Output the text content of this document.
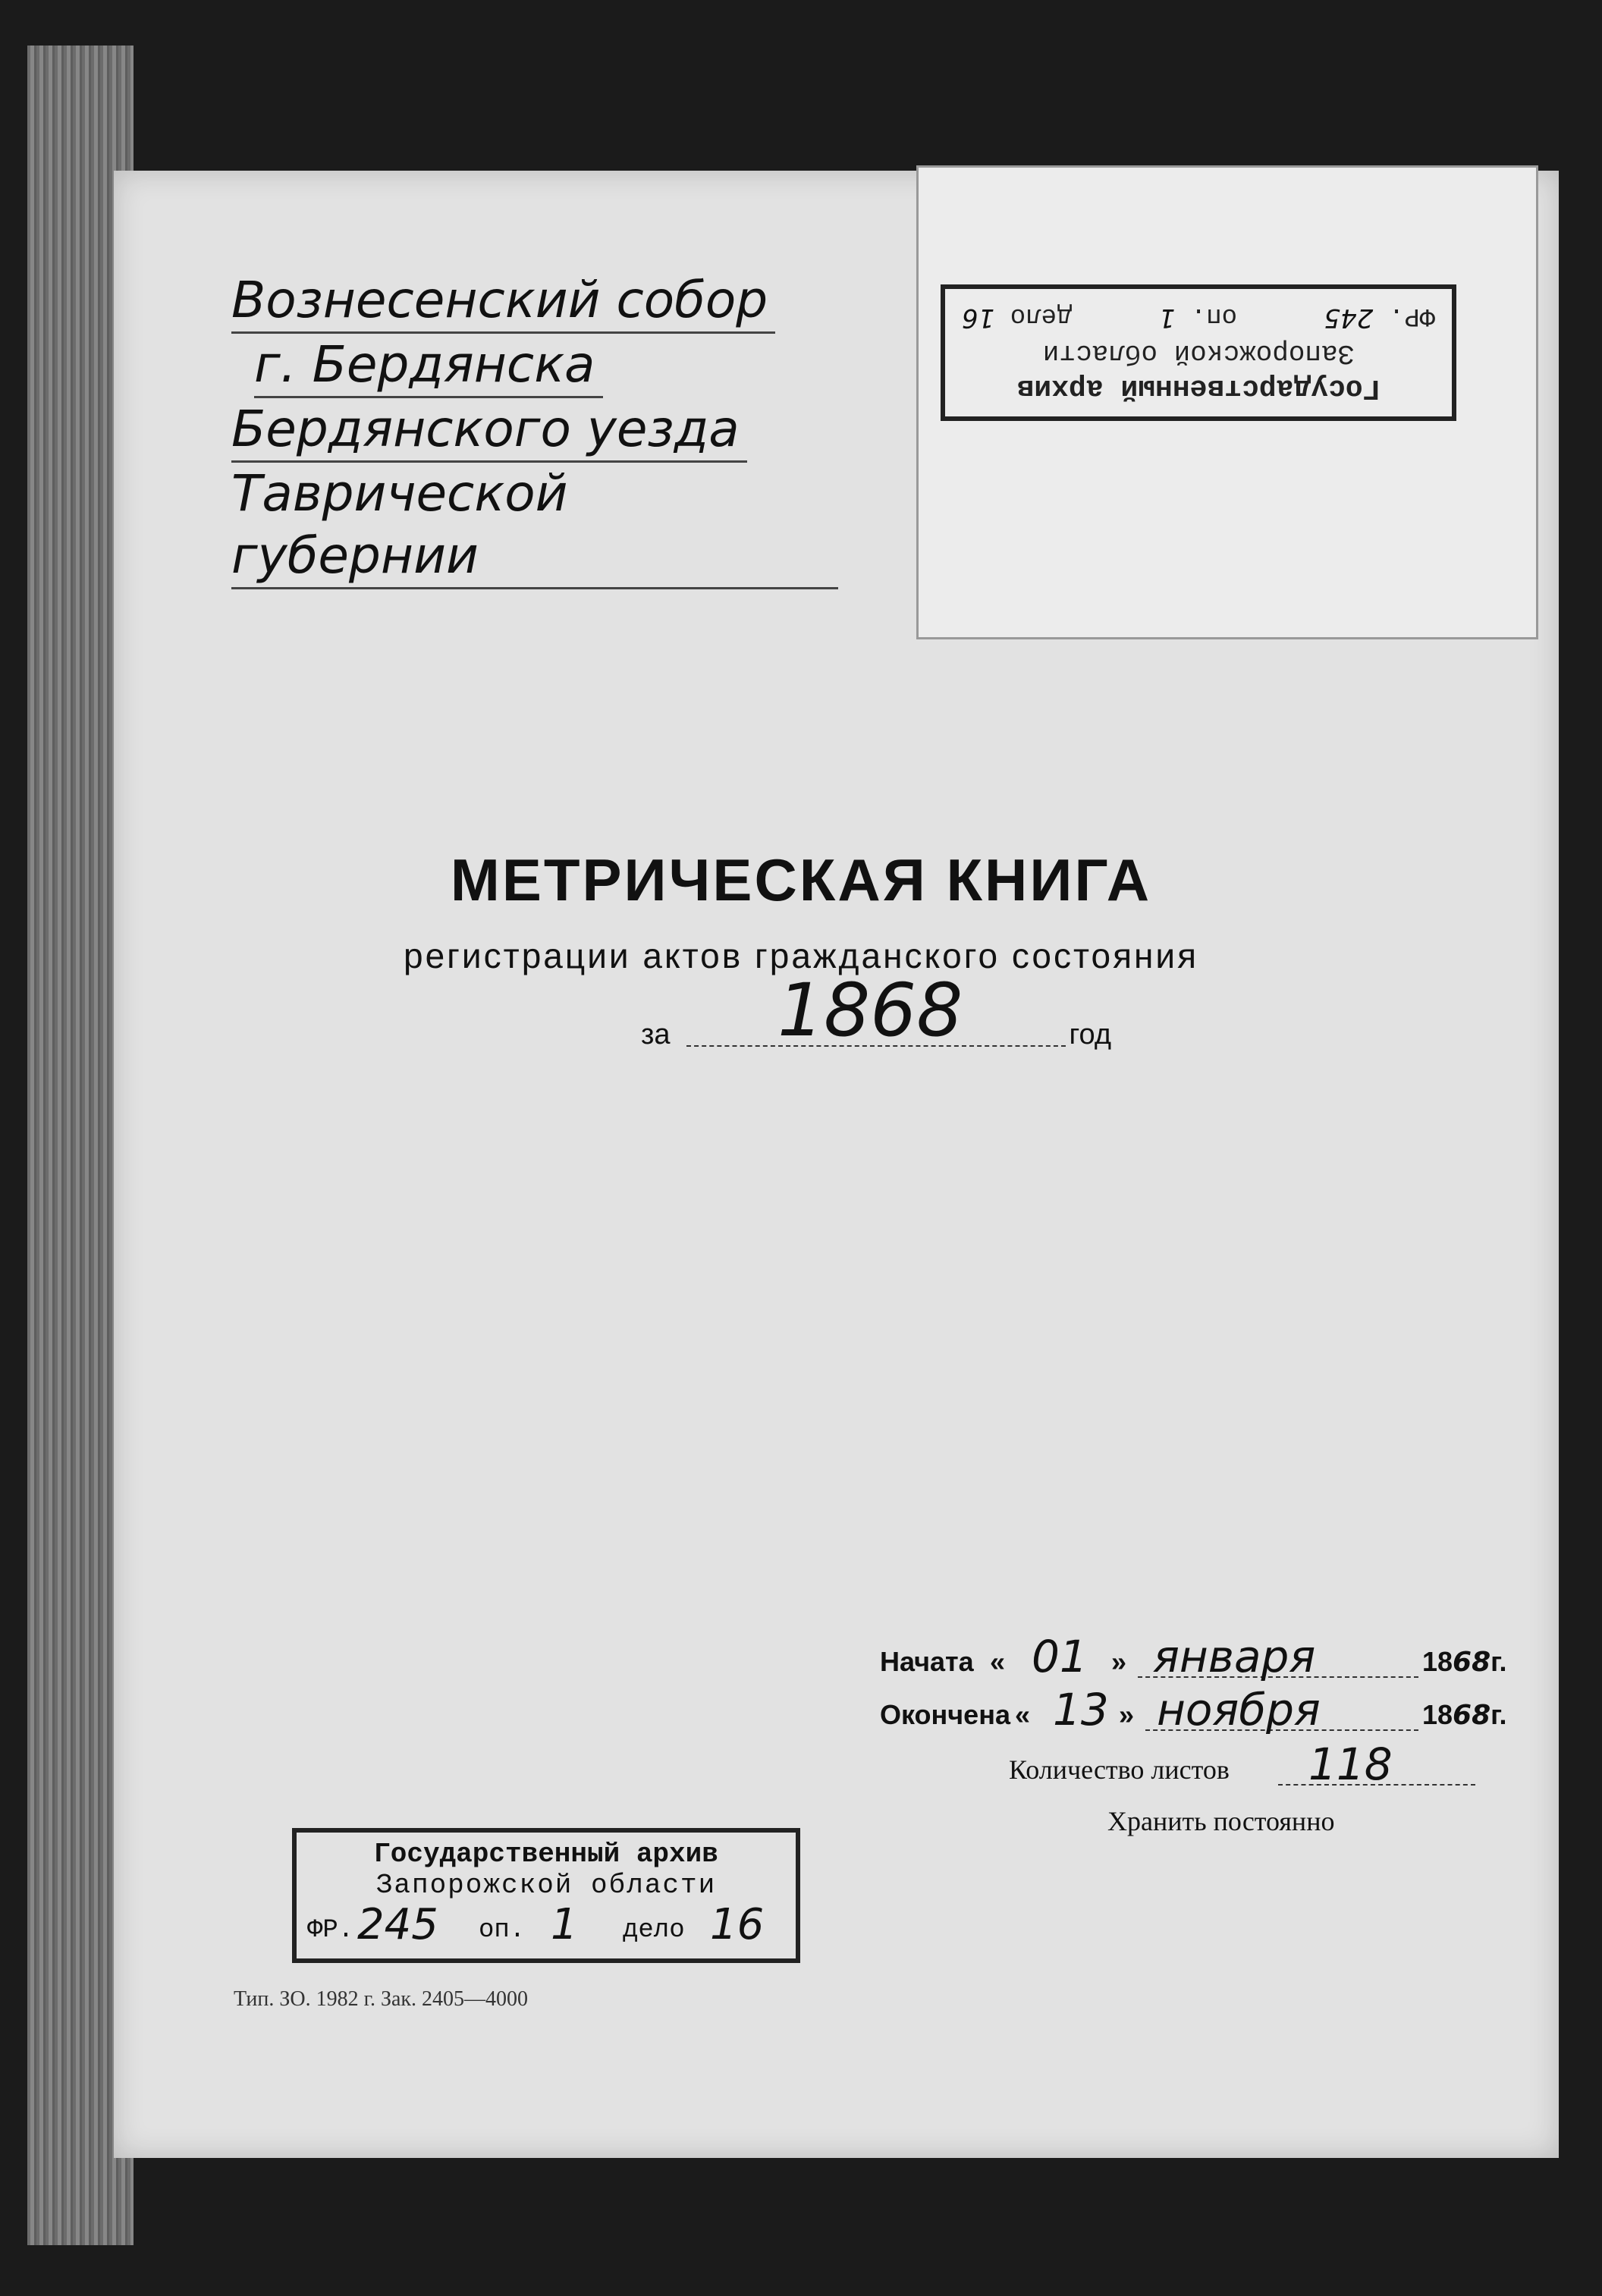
Государственный архив
Запорожской области
ФР. 245
оп. 1
дело 16
Вознесенский собор
г. Бердянска
Бердянского уезда
Таврической губернии
МЕТРИЧЕСКАЯ КНИГА
регистрации актов гражданского состояния
за 1868	год
Начата « 01 » января	1868г.
Окончена « 13 » ноября	1868г.
Количество листов 118
Хранить постоянно
Государственный архив
Запорожской области
ФР. 245 оп. 1 дело 16
Тип. ЗО. 1982 г. Зак. 2405—4000
